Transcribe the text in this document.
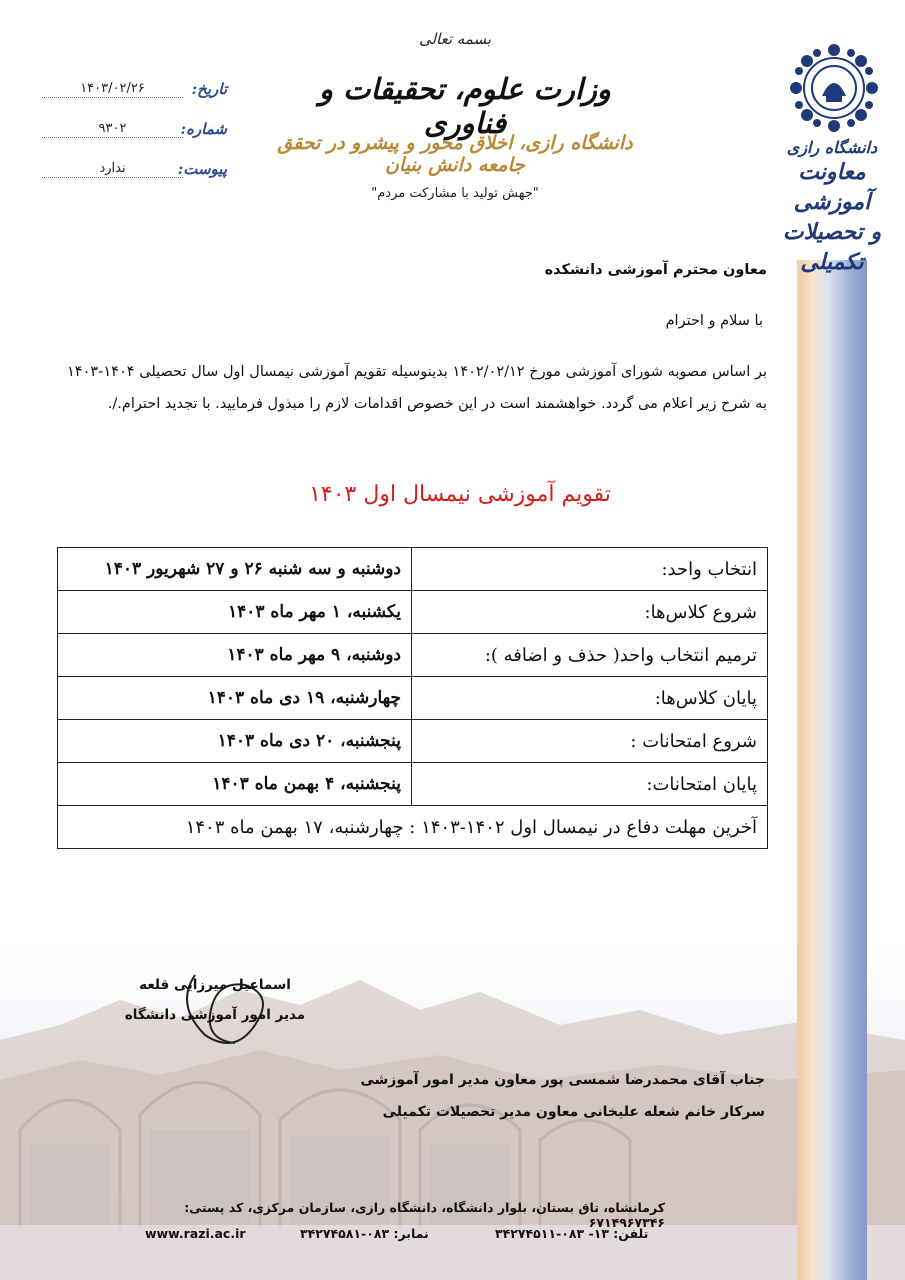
بسمه تعالی
وزارت علوم، تحقیقات و فناوری
دانشگاه رازی، اخلاق محور و پیشرو در تحقق جامعه دانش بنیان
"جهش تولید با مشارکت مردم"
تاریخ:
۱۴۰۳/۰۲/۲۶
شماره:
۹۳۰۲
پیوست:
ندارد
دانشگاه رازی
معاونت آموزشی
و تحصیلات تکمیلی
معاون محترم آموزشی دانشکده
با سلام و احترام
بر اساس مصوبه شورای آموزشی مورخ ۱۴۰۲/۰۲/۱۲ بدینوسیله تقویم آموزشی نیمسال اول سال تحصیلی ۱۴۰۴-۱۴۰۳ به شرح زیر اعلام می گردد. خواهشمند است در این خصوص اقدامات لازم را مبذول فرمایید. با تجدید احترام./.
تقویم آموزشی نیمسال اول ۱۴۰۳
انتخاب واحد:	دوشنبه و سه شنبه ۲۶ و ۲۷ شهریور ۱۴۰۳
شروع کلاس‌ها:	یکشنبه، ۱ مهر ماه ۱۴۰۳
ترمیم انتخاب واحد( حذف و اضافه ):	دوشنبه، ۹ مهر ماه ۱۴۰۳
پایان کلاس‌ها:	چهارشنبه، ۱۹ دی ماه ۱۴۰۳
شروع امتحانات :	پنجشنبه، ۲۰ دی ماه ۱۴۰۳
پایان امتحانات:	پنجشنبه، ۴ بهمن ماه ۱۴۰۳
آخرین مهلت دفاع در نیمسال اول ۱۴۰۲-۱۴۰۳ : چهارشنبه، ۱۷ بهمن ماه ۱۴۰۳	
اسماعیل میرزایی قلعه
مدیر امور آموزشی دانشگاه
جناب آقای محمدرضا شمسی پور معاون مدیر امور آموزشی
سرکار خانم شعله علیخانی معاون مدیر تحصیلات تکمیلی
کرمانشاه، تاق بستان، بلوار دانشگاه، دانشگاه رازی، سازمان مرکزی، کد پستی: ۶۷۱۴۹۶۷۳۴۶
تلفن: ۱۳- ۰۸۳-۳۴۲۷۴۵۱۱
نمابر: ۰۸۳-۳۴۲۷۴۵۸۱
www.razi.ac.ir
